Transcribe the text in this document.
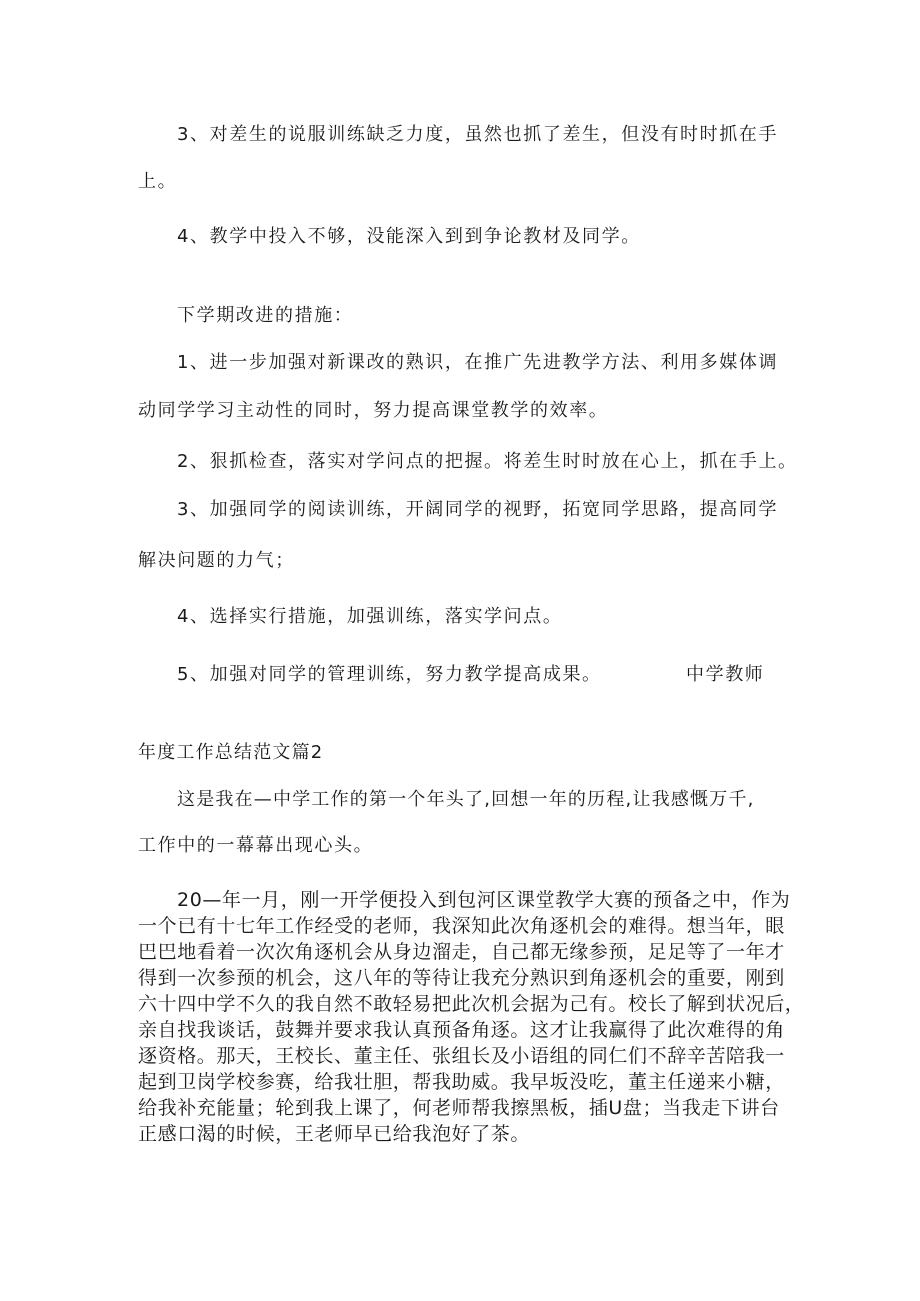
3、对差生的说服训练缺乏力度，虽然也抓了差生，但没有时时抓在手
上。
4、教学中投入不够，没能深入到到争论教材及同学。
下学期改进的措施：
1、进一步加强对新课改的熟识，在推广先进教学方法、利用多媒体调
动同学学习主动性的同时，努力提高课堂教学的效率。
2、狠抓检查，落实对学问点的把握。将差生时时放在心上，抓在手上。
3、加强同学的阅读训练，开阔同学的视野，拓宽同学思路，提高同学
解决问题的力气；
4、选择实行措施，加强训练，落实学问点。
5、加强对同学的管理训练，努力教学提高成果。	中学教师
年度工作总结范文篇2
这是我在—中学工作的第一个年头了,回想一年的历程,让我感慨万千,
工作中的一幕幕出现心头。
20—年一月，刚一开学便投入到包河区课堂教学大赛的预备之中，作为
一个已有十七年工作经受的老师，我深知此次角逐机会的难得。想当年，眼
巴巴地看着一次次角逐机会从身边溜走，自己都无缘参预，足足等了一年才
得到一次参预的机会，这八年的等待让我充分熟识到角逐机会的重要，刚到
六十四中学不久的我自然不敢轻易把此次机会据为己有。校长了解到状况后，
亲自找我谈话，鼓舞并要求我认真预备角逐。这才让我赢得了此次难得的角
逐资格。那天，王校长、董主任、张组长及小语组的同仁们不辞辛苦陪我一
起到卫岗学校参赛，给我壮胆，帮我助威。我早坂没吃，董主任递来小糖，
给我补充能量；轮到我上课了，何老师帮我擦黑板，插U盘；当我走下讲台
正感口渴的时候，王老师早已给我泡好了茶。
